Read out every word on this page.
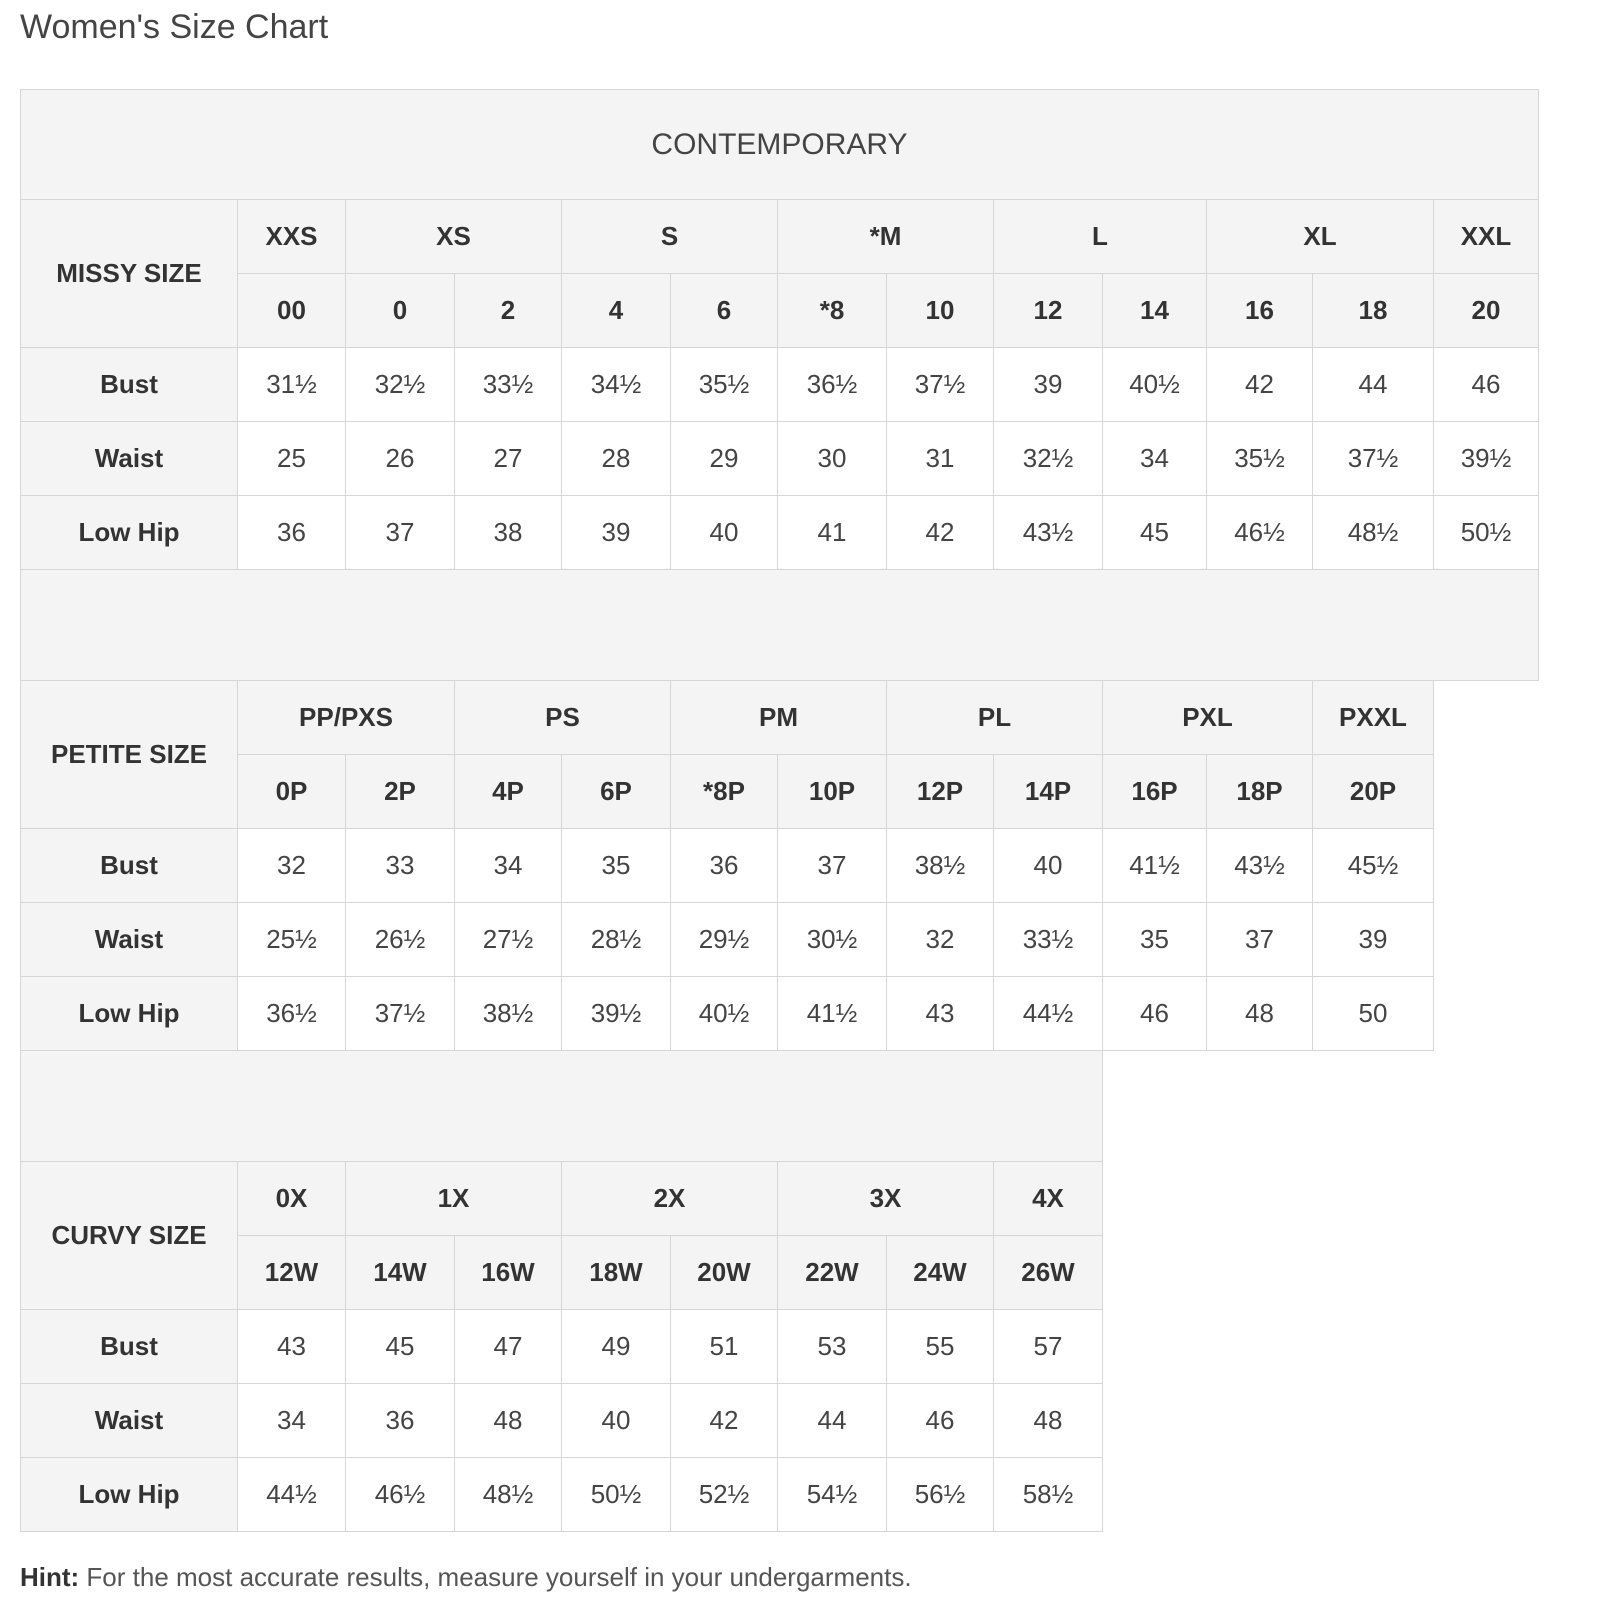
Women's Size Chart
CONTEMPORARY
MISSY SIZE
XXS	XS	S	*M	L	XL	XXL
00	0	2	4	6	*8	10	12	14	16	18	20
Bust	31½	32½	33½	34½	35½	36½	37½	39	40½	42	44	46
Waist	25	26	27	28	29	30	31	32½	34	35½	37½	39½
Low Hip	36	37	38	39	40	41	42	43½	45	46½	48½	50½
PETITE SIZE
PP/PXS	PS	PM	PL	PXL	PXXL
0P	2P	4P	6P	*8P	10P	12P	14P	16P	18P	20P
Bust	32	33	34	35	36	37	38½	40	41½	43½	45½
Waist	25½	26½	27½	28½	29½	30½	32	33½	35	37	39
Low Hip	36½	37½	38½	39½	40½	41½	43	44½	46	48	50
CURVY SIZE
0X	1X	2X	3X	4X
12W	14W	16W	18W	20W	22W	24W	26W
Bust	43	45	47	49	51	53	55	57
Waist	34	36	48	40	42	44	46	48
Low Hip	44½	46½	48½	50½	52½	54½	56½	58½
Hint: For the most accurate results, measure yourself in your undergarments.
